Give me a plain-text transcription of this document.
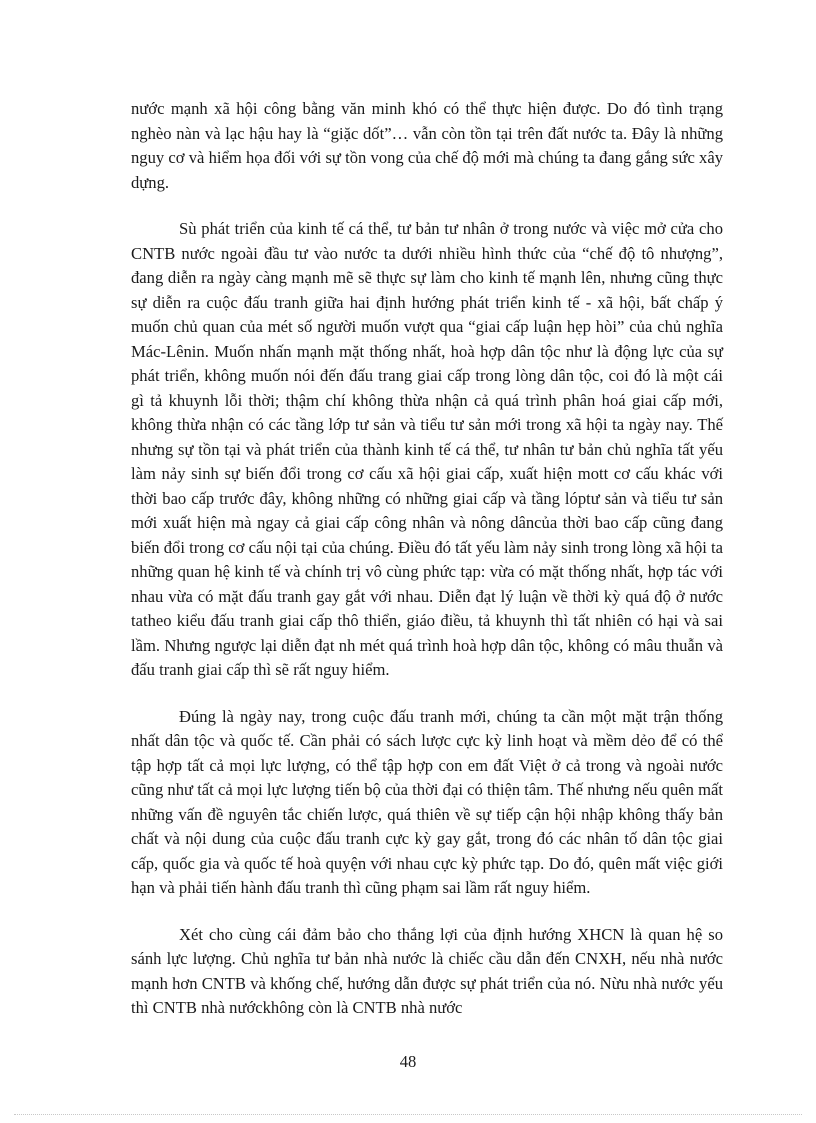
nước mạnh xã hội công bằng văn minh khó có thể thực hiện được. Do đó tình trạng nghèo nàn và lạc hậu hay là “giặc dốt”… vẫn còn tồn tại trên đất nước ta. Đây là những nguy cơ và hiểm họa đối với sự tồn vong của chế độ mới mà chúng ta đang gắng sức xây dựng.

Sù phát triển của kinh tế cá thể, tư bản tư nhân ở trong nước và việc mở cửa cho CNTB nước ngoài đầu tư vào nước ta dưới nhiều hình thức của “chế độ tô nhượng”, đang diễn ra ngày càng mạnh mẽ sẽ thực sự làm cho kinh tế mạnh lên, nhưng cũng thực sự diễn ra cuộc đấu tranh giữa hai định hướng phát triển kinh tế - xã hội, bất chấp ý muốn chủ quan của mét số người muốn vượt qua “giai cấp luận hẹp hòi” của chủ nghĩa Mác-Lênin. Muốn nhấn mạnh mặt thống nhất, hoà hợp dân tộc như là động lực của sự phát triển, không muốn nói đến đấu trang giai cấp trong lòng dân tộc, coi đó là một cái gì tả khuynh lỗi thời; thậm chí không thừa nhận cả quá trình phân hoá giai cấp mới, không thừa nhận có các tầng lớp tư sản và tiểu tư sản mới trong xã hội ta ngày nay. Thế nhưng sự tồn tại và phát triển của thành kinh tế cá thể, tư nhân tư bản chủ nghĩa tất yếu làm nảy sinh sự biến đổi trong cơ cấu xã hội giai cấp, xuất hiện mott cơ cấu khác với thời bao cấp trước đây, không những có những giai cấp và tầng lóptư sản và tiểu tư sản mới xuất hiện mà ngay cả giai cấp công nhân và nông dâncủa thời bao cấp cũng đang biến đổi trong cơ cấu nội tại của chúng. Điều đó tất yếu làm nảy sinh trong lòng xã hội ta những quan hệ kinh tế và chính trị vô cùng phức tạp: vừa có mặt thống nhất, hợp tác với nhau vừa có mặt đấu tranh gay gắt với nhau. Diễn đạt lý luận về thời kỳ quá độ ở nước tatheo kiểu đấu tranh giai cấp thô thiển, giáo điều, tả khuynh thì tất nhiên có hại và sai lầm. Nhưng ngược lại diễn đạt nh mét quá trình hoà hợp dân tộc, không có mâu thuẫn và đấu tranh giai cấp thì sẽ rất nguy hiểm.

Đúng là ngày nay, trong cuộc đấu tranh mới, chúng ta cần một mặt trận thống nhất dân tộc và quốc tế. Cần phải có sách lược cực kỳ linh hoạt và mềm dẻo để có thể tập hợp tất cả mọi lực lượng, có thể tập hợp con em đất Việt ở cả trong và ngoài nước cũng như tất cả mọi lực lượng tiến bộ của thời đại có thiện tâm. Thế nhưng nếu quên mất những vấn đề nguyên tắc chiến lược, quá thiên về sự tiếp cận hội nhập không thấy bản chất và nội dung của cuộc đấu tranh cực kỳ gay gắt, trong đó các nhân tố dân tộc giai cấp, quốc gia và quốc tế hoà quyện với nhau cực kỳ phức tạp. Do đó, quên mất việc giới hạn và phải tiến hành đấu tranh thì cũng phạm sai lầm rất nguy hiểm.

Xét cho cùng cái đảm bảo cho thắng lợi của định hướng XHCN là quan hệ so sánh lực lượng. Chủ nghĩa tư bản nhà nước là chiếc cầu dẫn đến CNXH, nếu nhà nước mạnh hơn CNTB và khống chế, hướng dẫn được sự phát triển của nó. Nừu nhà nước yếu thì CNTB nhà nướckhông còn là CNTB nhà nước

48
